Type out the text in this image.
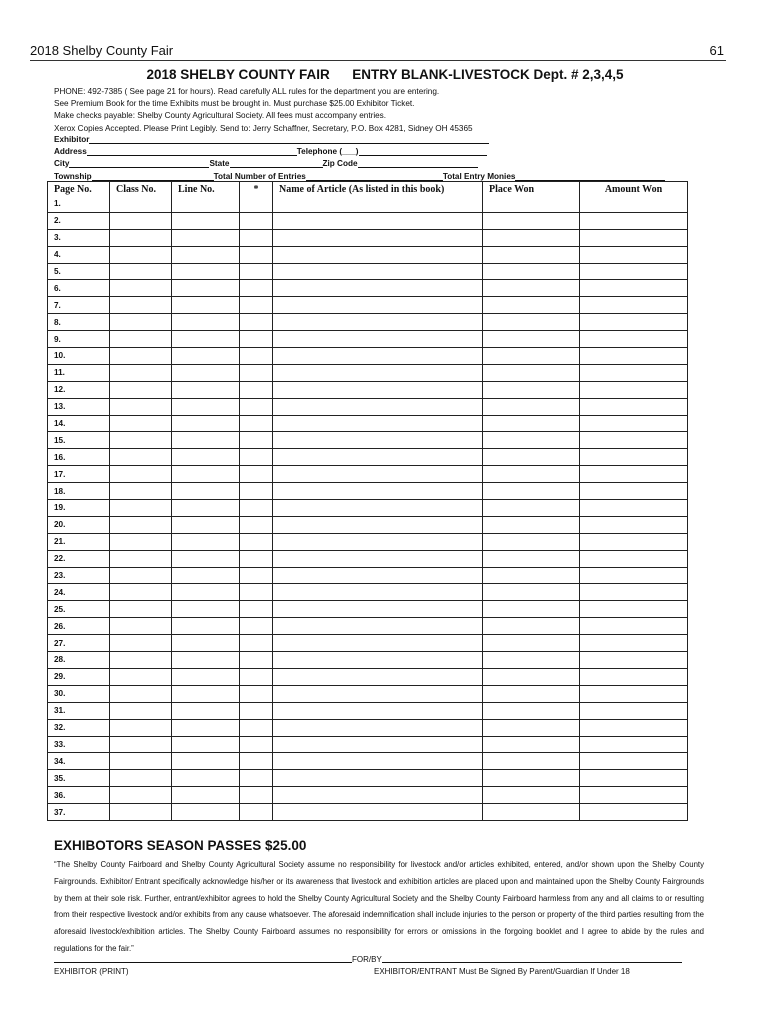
2018 Shelby County Fair	61
2018 SHELBY COUNTY FAIR      ENTRY BLANK-LIVESTOCK Dept. # 2,3,4,5
PHONE: 492-7385 ( See page 21 for hours). Read carefully ALL rules for the department you are entering.
See Premium Book for the time Exhibits must be brought in. Must purchase $25.00 Exhibitor Ticket.
Make checks payable: Shelby County Agricultural Society. All fees must accompany entries.
Xerox Copies Accepted. Please Print Legibly. Send to: Jerry Schaffner, Secretary, P.O. Box 4281, Sidney OH 45365
Exhibitor
Address	Telephone (___)
City	State	Zip Code
Township	Total Number of Entries	Total Entry Monies
Page No.	Class No.	Line No.	*	Name of Article (As listed in this book)	Place Won	Amount Won
1.						
2.						
3.						
4.						
5.						
6.						
7.						
8.						
9.						
10.						
11.						
12.						
13.						
14.						
15.						
16.						
17.						
18.						
19.						
20.						
21.						
22.						
23.						
24.						
25.						
26.						
27.						
28.						
29.						
30.						
31.						
32.						
33.						
34.						
35.						
36.						
37.						
EXHIBOTORS SEASON PASSES $25.00
“The Shelby County Fairboard and Shelby County Agricultural Society assume no responsibility for livestock and/or articles exhibited, entered, and/or shown upon the Shelby County Fairgrounds. Exhibitor/ Entrant specifically acknowledge his/her or its awareness that livestock and exhibition articles are placed upon and maintained upon the Shelby County Fairgrounds by them at their sole risk. Further, entrant/exhibitor agrees to hold the Shelby County Agricultural Society and the Shelby County Fairboard harmless from any and all claims to or resulting from their respective livestock and/or exhibits from any cause whatsoever. The aforesaid indemnification shall include injuries to the person or property of the third parties resulting from the aforesaid livestock/exhibition articles. The Shelby County Fairboard assumes no responsibility for errors or omissions in the forgoing booklet and I agree to abide by the rules and regulations for the fair.”
FOR/BY
EXHIBITOR (PRINT)	EXHIBITOR/ENTRANT Must Be Signed By Parent/Guardian If Under 18
